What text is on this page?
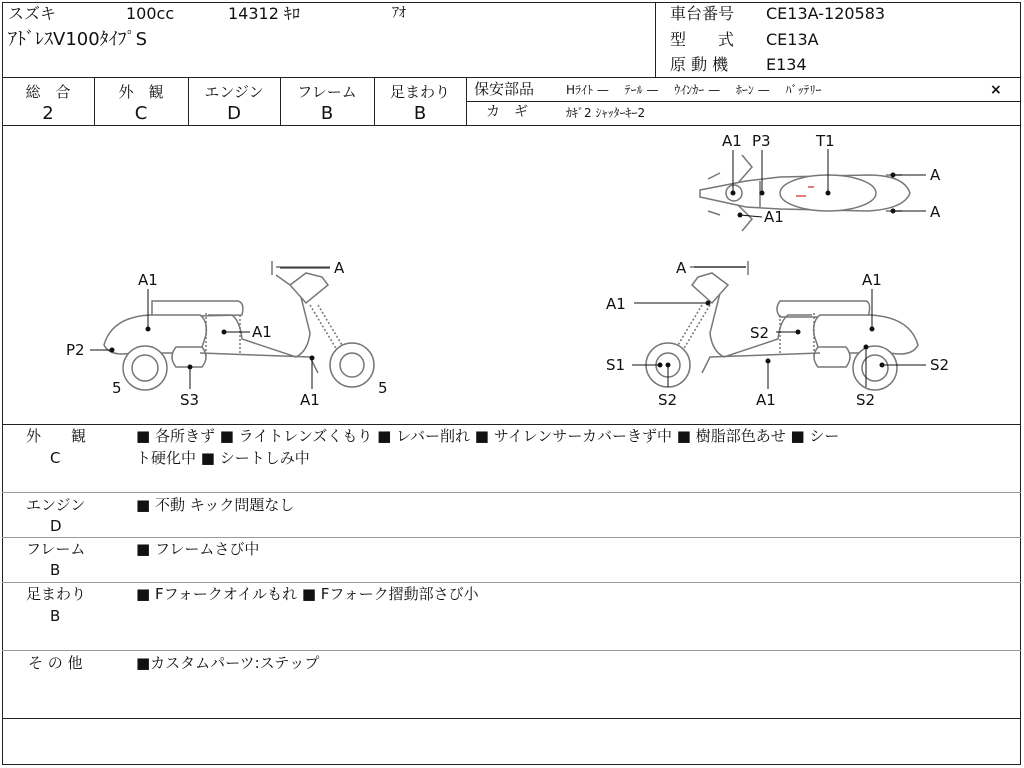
スズキ	100cc	14312 ｷﾛ	ｱｵ
ｱﾄﾞﾚｽV100ﾀｲﾌﾟS
車台番号 CE13A-120583
型　　式 CE13A
原 動 機 E134
総　合	外　観	エンジン	フレーム	足まわり
2	C	D	B	B
保安部品	Hﾗｲﾄ —　 ﾃｰﾙ —　 ｳｲﾝｶｰ —　 ﾎｰﾝ —　 ﾊﾞｯﾃﾘｰ	×
カ　ギ	ｶｷﾞ2 ｼｬｯﾀｰｷｰ2
A
A1
A1
P2
5
S3	A1
5
A1 P3	T1
A
A
A1
A
A1
A1
S2
S1	S2
S2	A1	S2
外　　観
C
■ 各所きず ■ ライトレンズくもり ■ レバー削れ ■ サイレンサーカバーきず中 ■ 樹脂部色あせ ■ シー
ト硬化中 ■ シートしみ中
エンジン
D
■ 不動 キック問題なし
フレーム
B
■ フレームさび中
足まわり
B
■ Fフォークオイルもれ ■ Fフォーク摺動部さび小
そ の 他	■カスタムパーツ:ステップ
